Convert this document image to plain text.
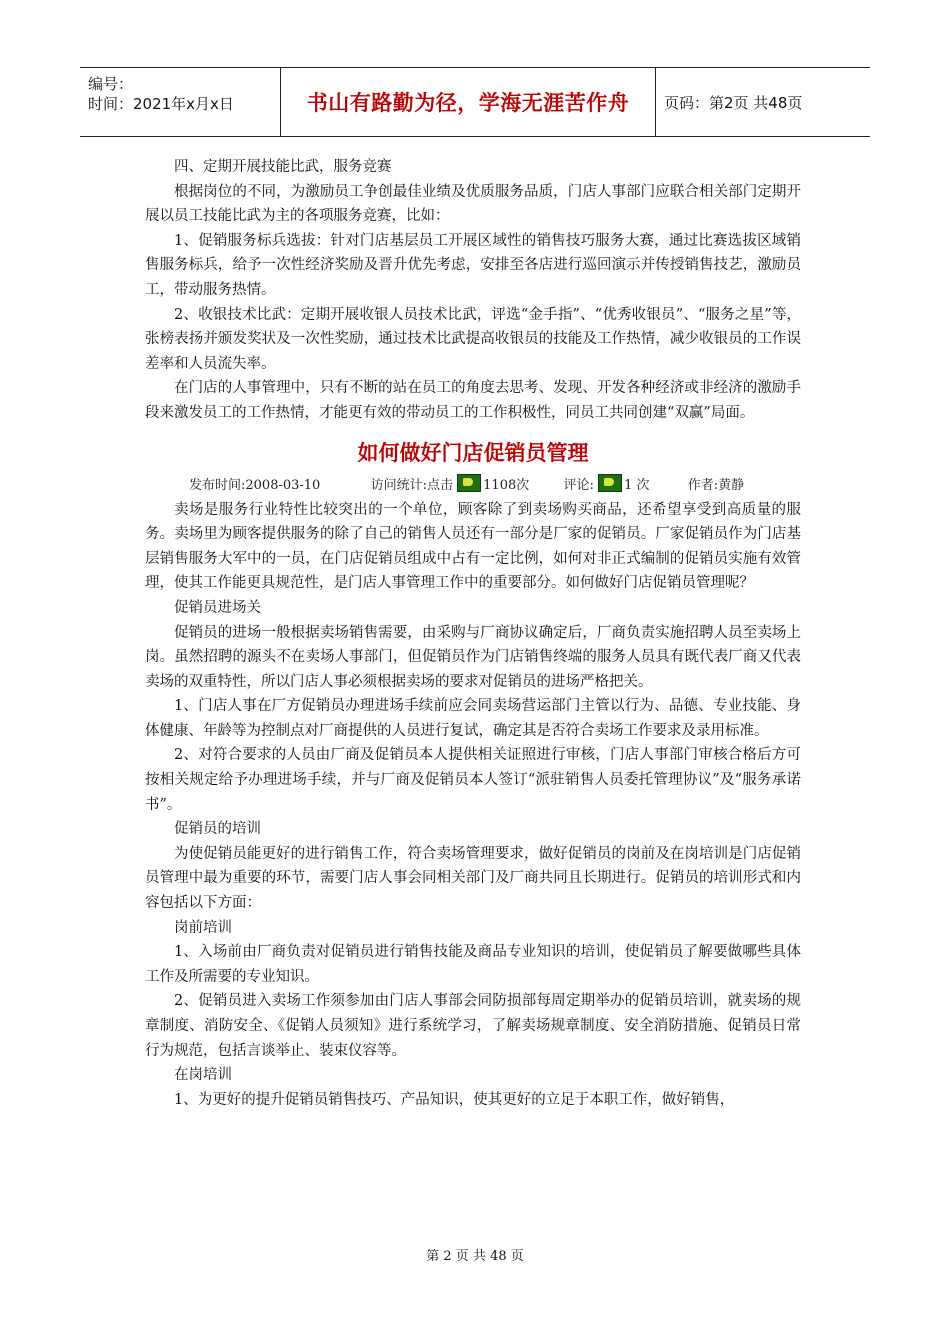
编号：
时间：2021年x月x日	书山有路勤为径，学海无涯苦作舟	页码：第2页 共48页

四、定期开展技能比武，服务竞赛

根据岗位的不同，为激励员工争创最佳业绩及优质服务品质，门店人事部门应联合相关部门定期开展以员工技能比武为主的各项服务竞赛，比如：

1、促销服务标兵选拔：针对门店基层员工开展区域性的销售技巧服务大赛，通过比赛选拔区域销售服务标兵，给予一次性经济奖励及晋升优先考虑，安排至各店进行巡回演示并传授销售技艺，激励员工，带动服务热情。

2、收银技术比武：定期开展收银人员技术比武，评选“金手指”、“优秀收银员”、“服务之星”等，张榜表扬并颁发奖状及一次性奖励，通过技术比武提高收银员的技能及工作热情，减少收银员的工作误差率和人员流失率。

在门店的人事管理中，只有不断的站在员工的角度去思考、发现、开发各种经济或非经济的激励手段来激发员工的工作热情，才能更有效的带动员工的工作积极性，同员工共同创建“双赢”局面。

如何做好门店促销员管理
发布时间:2008-03-10	访问统计:点击 1108次	评论: 1 次	作者:黄静

卖场是服务行业特性比较突出的一个单位，顾客除了到卖场购买商品，还希望享受到高质量的服务。卖场里为顾客提供服务的除了自己的销售人员还有一部分是厂家的促销员。厂家促销员作为门店基层销售服务大军中的一员，在门店促销员组成中占有一定比例，如何对非正式编制的促销员实施有效管理，使其工作能更具规范性，是门店人事管理工作中的重要部分。如何做好门店促销员管理呢？

促销员进场关

促销员的进场一般根据卖场销售需要，由采购与厂商协议确定后，厂商负责实施招聘人员至卖场上岗。虽然招聘的源头不在卖场人事部门，但促销员作为门店销售终端的服务人员具有既代表厂商又代表卖场的双重特性，所以门店人事必须根据卖场的要求对促销员的进场严格把关。

1、门店人事在厂方促销员办理进场手续前应会同卖场营运部门主管以行为、品德、专业技能、身体健康、年龄等为控制点对厂商提供的人员进行复试，确定其是否符合卖场工作要求及录用标准。

2、对符合要求的人员由厂商及促销员本人提供相关证照进行审核，门店人事部门审核合格后方可按相关规定给予办理进场手续，并与厂商及促销员本人签订“派驻销售人员委托管理协议”及“服务承诺书”。

促销员的培训

为使促销员能更好的进行销售工作，符合卖场管理要求，做好促销员的岗前及在岗培训是门店促销员管理中最为重要的环节，需要门店人事会同相关部门及厂商共同且长期进行。促销员的培训形式和内容包括以下方面：

岗前培训

1、入场前由厂商负责对促销员进行销售技能及商品专业知识的培训，使促销员了解要做哪些具体工作及所需要的专业知识。

2、促销员进入卖场工作须参加由门店人事部会同防损部每周定期举办的促销员培训，就卖场的规章制度、消防安全、《促销人员须知》进行系统学习，了解卖场规章制度、安全消防措施、促销员日常行为规范，包括言谈举止、装束仪容等。

在岗培训

1、为更好的提升促销员销售技巧、产品知识，使其更好的立足于本职工作，做好销售，

第 2 页 共 48 页
